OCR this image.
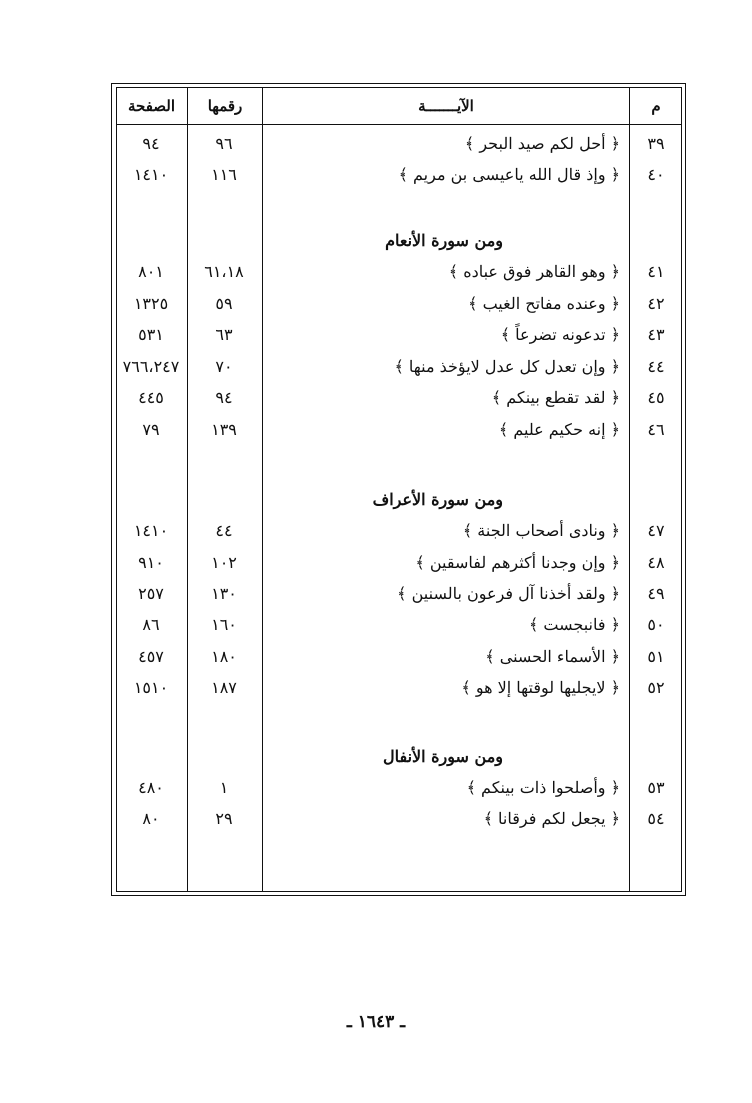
م
الآيـــــــة
رقمها
الصفحة
٣٩
﴿ أحل لكم صيد البحر ﴾
٩٦
٩٤
٤٠
﴿ وإذ قال الله ياعيسى بن مريم ﴾
١١٦
١٤١٠
ومن سورة الأنعام
٤١
﴿ وهو القاهر فوق عباده ﴾
٦١،١٨
٨٠١
٤٢
﴿ وعنده مفاتح الغيب ﴾
٥٩
١٣٢٥
٤٣
﴿ تدعونه تضرعاً ﴾
٦٣
٥٣١
٤٤
﴿ وإن تعدل كل عدل لايؤخذ منها ﴾
٧٠
٧٦٦،٢٤٧
٤٥
﴿ لقد تقطع بينكم ﴾
٩٤
٤٤٥
٤٦
﴿ إنه حكيم عليم ﴾
١٣٩
٧٩
ومن سورة الأعراف
٤٧
﴿ ونادى أصحاب الجنة ﴾
٤٤
١٤١٠
٤٨
﴿ وإن وجدنا أكثرهم لفاسقين ﴾
١٠٢
٩١٠
٤٩
﴿ ولقد أخذنا آل فرعون بالسنين ﴾
١٣٠
٢٥٧
٥٠
﴿ فانبجست ﴾
١٦٠
٨٦
٥١
﴿ الأسماء الحسنى ﴾
١٨٠
٤٥٧
٥٢
﴿ لايجليها لوقتها إلا هو ﴾
١٨٧
١٥١٠
ومن سورة الأنفال
٥٣
﴿ وأصلحوا ذات بينكم ﴾
١
٤٨٠
٥٤
﴿ يجعل لكم فرقانا ﴾
٢٩
٨٠
ـ ١٦٤٣ ـ
